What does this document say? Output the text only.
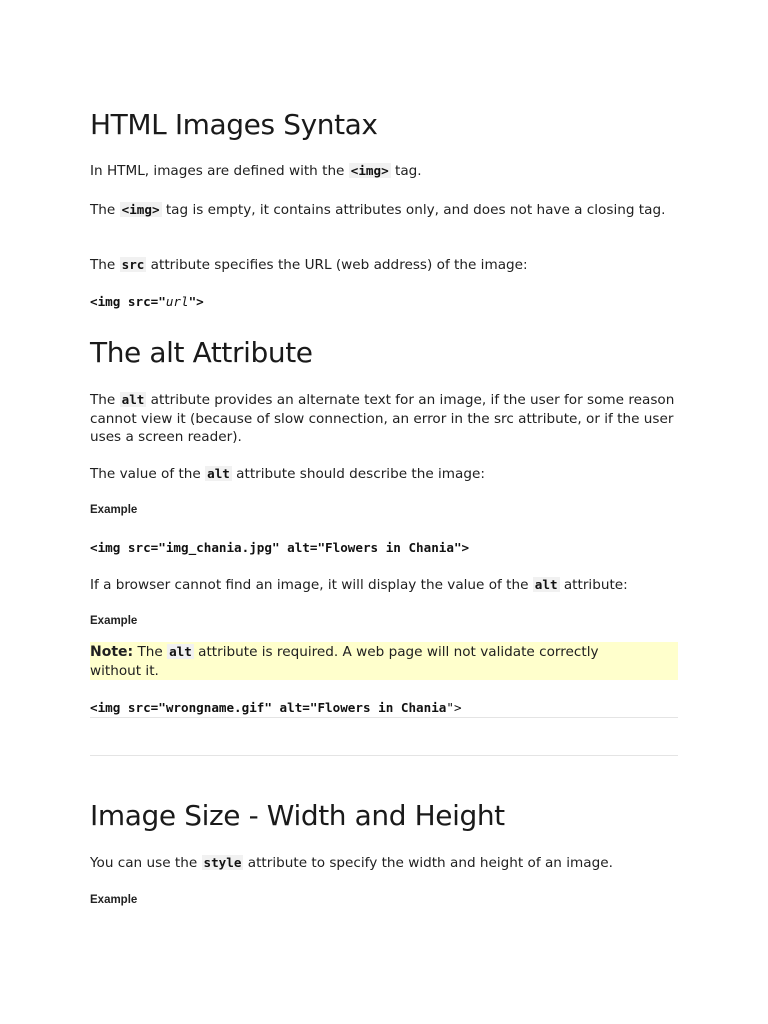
HTML Images Syntax

In HTML, images are defined with the <img> tag.

The <img> tag is empty, it contains attributes only, and does not have a closing tag.

The src attribute specifies the URL (web address) of the image:

<img src="url">
The alt Attribute

The alt attribute provides an alternate text for an image, if the user for some reason cannot view it (because of slow connection, an error in the src attribute, or if the user uses a screen reader).

The value of the alt attribute should describe the image:

Example
<img src="img_chania.jpg" alt="Flowers in Chania">

If a browser cannot find an image, it will display the value of the alt attribute:

Example

Note: The alt attribute is required. A web page will not validate correctly without it.

<img src="wrongname.gif" alt="Flowers in Chania">
Image Size - Width and Height

You can use the style attribute to specify the width and height of an image.

Example
